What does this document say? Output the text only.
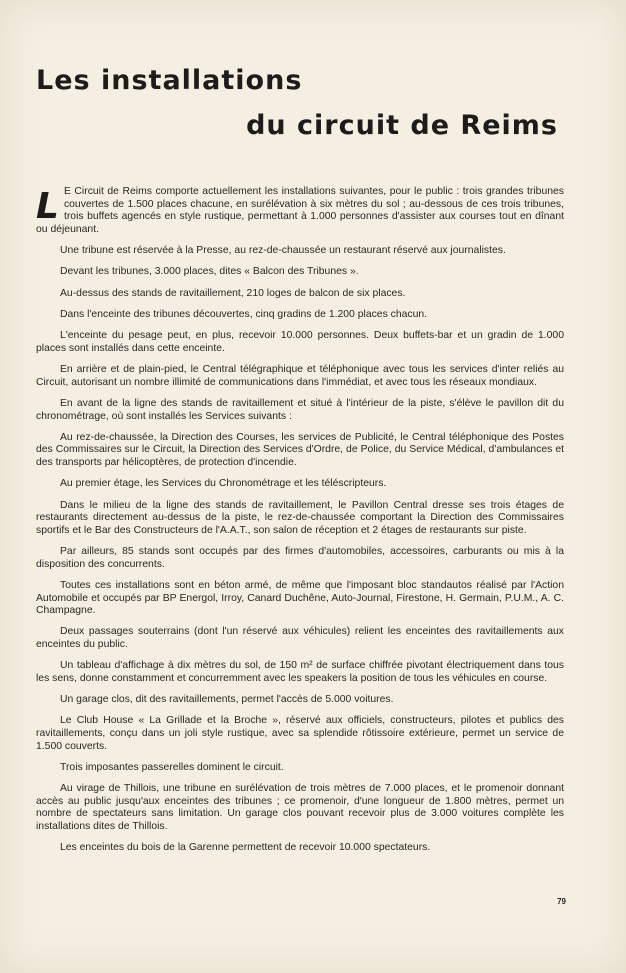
Les installations
du circuit de Reims

L E Circuit de Reims comporte actuellement les installations suivantes, pour le public : trois grandes tribunes couvertes de 1.500 places chacune, en surélévation à six mètres du sol ; au-dessous de ces trois tribunes, trois buffets agencés en style rustique, permettant à 1.000 personnes d'assister aux courses tout en dînant ou déjeunant.

Une tribune est réservée à la Presse, au rez-de-chaussée un restaurant réservé aux journalistes.

Devant les tribunes, 3.000 places, dites « Balcon des Tribunes ».

Au-dessus des stands de ravitaillement, 210 loges de balcon de six places.

Dans l'enceinte des tribunes découvertes, cinq gradins de 1.200 places chacun.

L'enceinte du pesage peut, en plus, recevoir 10.000 personnes. Deux buffets-bar et un gradin de 1.000 places sont installés dans cette enceinte.

En arrière et de plain-pied, le Central télégraphique et téléphonique avec tous les services d'inter reliés au Circuit, autorisant un nombre illimité de communications dans l'immédiat, et avec tous les réseaux mondiaux.

En avant de la ligne des stands de ravitaillement et situé à l'intérieur de la piste, s'élève le pavillon dit du chronométrage, où sont installés les Services suivants :

Au rez-de-chaussée, la Direction des Courses, les services de Publicité, le Central téléphonique des Postes des Commissaires sur le Circuit, la Direction des Services d'Ordre, de Police, du Service Médical, d'ambulances et des transports par hélicoptères, de protection d'incendie.

Au premier étage, les Services du Chronométrage et les téléscripteurs.

Dans le milieu de la ligne des stands de ravitaillement, le Pavillon Central dresse ses trois étages de restaurants directement au-dessus de la piste, le rez-de-chaussée comportant la Direction des Commissaires sportifs et le Bar des Constructeurs de l'A.A.T., son salon de réception et 2 étages de restaurants sur piste.

Par ailleurs, 85 stands sont occupés par des firmes d'automobiles, accessoires, carburants ou mis à la disposition des concurrents.

Toutes ces installations sont en béton armé, de même que l'imposant bloc standautos réalisé par l'Action Automobile et occupés par BP Energol, Irroy, Canard Duchêne, Auto-Journal, Firestone, H. Germain, P.U.M., A. C. Champagne.

Deux passages souterrains (dont l'un réservé aux véhicules) relient les enceintes des ravitaillements aux enceintes du public.

Un tableau d'affichage à dix mètres du sol, de 150 m² de surface chiffrée pivotant électriquement dans tous les sens, donne constamment et concurremment avec les speakers la position de tous les véhicules en course.

Un garage clos, dit des ravitaillements, permet l'accès de 5.000 voitures.

Le Club House « La Grillade et la Broche », réservé aux officiels, constructeurs, pilotes et publics des ravitaillements, conçu dans un joli style rustique, avec sa splendide rôtissoire extérieure, permet un service de 1.500 couverts.

Trois imposantes passerelles dominent le circuit.

Au virage de Thillois, une tribune en surélévation de trois mètres de 7.000 places, et le promenoir donnant accès au public jusqu'aux enceintes des tribunes ; ce promenoir, d'une longueur de 1.800 mètres, permet un nombre de spectateurs sans limitation. Un garage clos pouvant recevoir plus de 3.000 voitures complète les installations dites de Thillois.

Les enceintes du bois de la Garenne permettent de recevoir 10.000 spectateurs.

79
